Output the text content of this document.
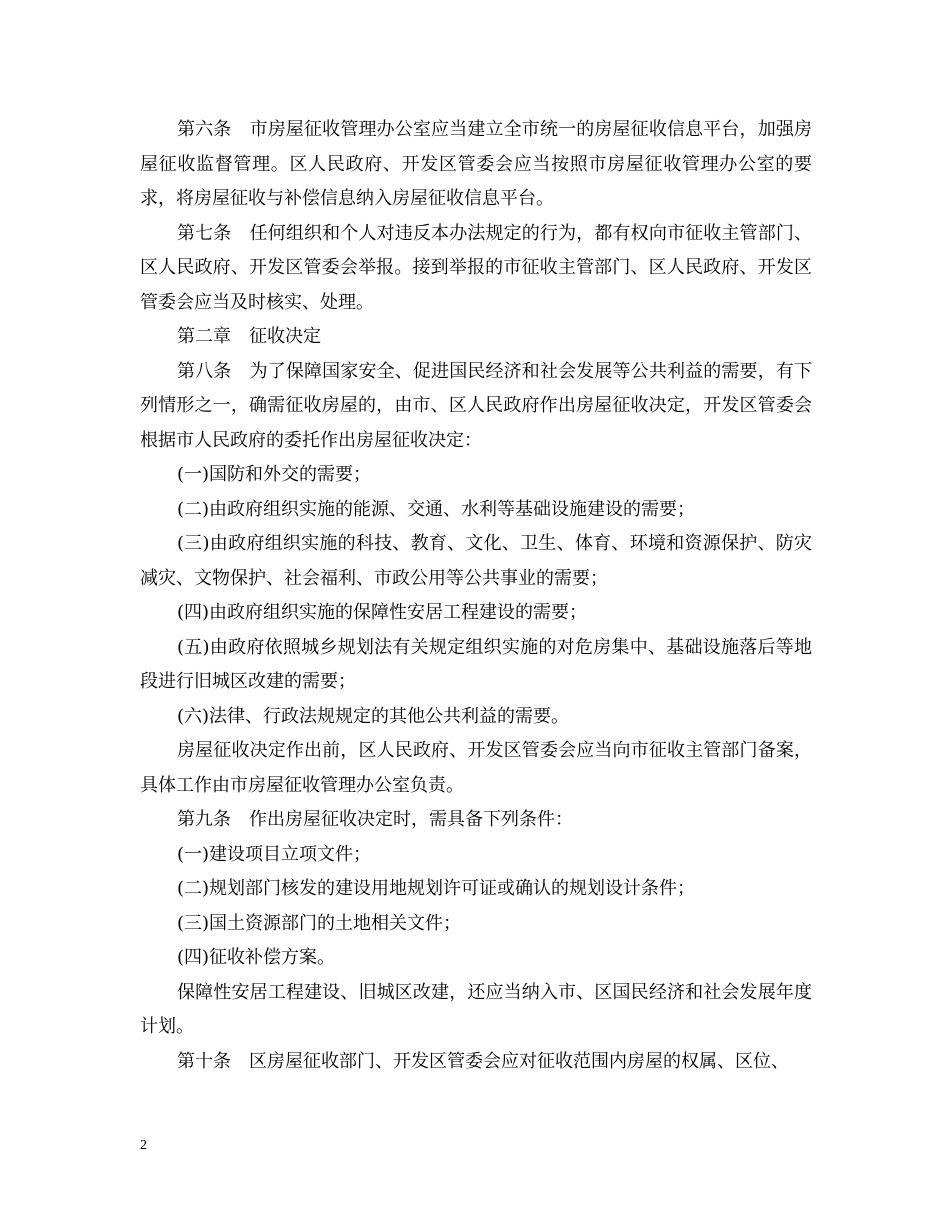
第六条　市房屋征收管理办公室应当建立全市统一的房屋征收信息平台，加强房屋征收监督管理。区人民政府、开发区管委会应当按照市房屋征收管理办公室的要求，将房屋征收与补偿信息纳入房屋征收信息平台。

第七条　任何组织和个人对违反本办法规定的行为，都有权向市征收主管部门、区人民政府、开发区管委会举报。接到举报的市征收主管部门、区人民政府、开发区管委会应当及时核实、处理。

第二章　征收决定

第八条　为了保障国家安全、促进国民经济和社会发展等公共利益的需要，有下列情形之一，确需征收房屋的，由市、区人民政府作出房屋征收决定，开发区管委会根据市人民政府的委托作出房屋征收决定：

(一)国防和外交的需要；

(二)由政府组织实施的能源、交通、水利等基础设施建设的需要；

(三)由政府组织实施的科技、教育、文化、卫生、体育、环境和资源保护、防灾减灾、文物保护、社会福利、市政公用等公共事业的需要；

(四)由政府组织实施的保障性安居工程建设的需要；

(五)由政府依照城乡规划法有关规定组织实施的对危房集中、基础设施落后等地段进行旧城区改建的需要；

(六)法律、行政法规规定的其他公共利益的需要。

房屋征收决定作出前，区人民政府、开发区管委会应当向市征收主管部门备案，具体工作由市房屋征收管理办公室负责。

第九条　作出房屋征收决定时，需具备下列条件：

(一)建设项目立项文件；

(二)规划部门核发的建设用地规划许可证或确认的规划设计条件；

(三)国土资源部门的土地相关文件；

(四)征收补偿方案。

保障性安居工程建设、旧城区改建，还应当纳入市、区国民经济和社会发展年度计划。

第十条　区房屋征收部门、开发区管委会应对征收范围内房屋的权属、区位、

2
